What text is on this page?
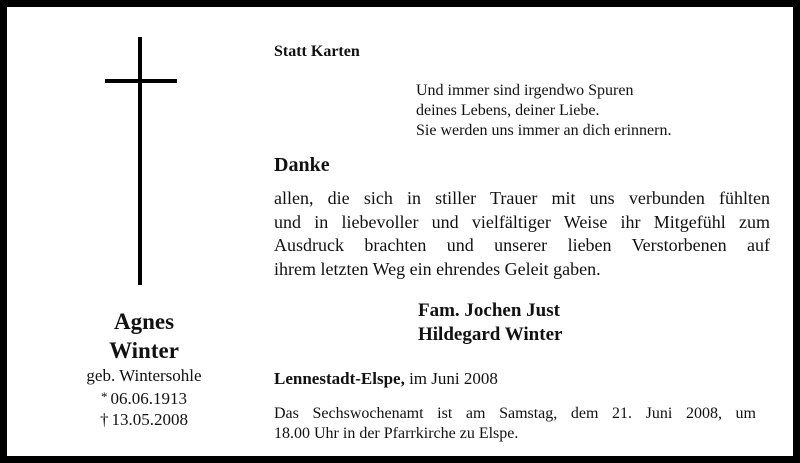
Agnes
Winter
geb. Wintersohle
* 06.06.1913
† 13.05.2008
Statt Karten
Und immer sind irgendwo Spuren
deines Lebens, deiner Liebe.
Sie werden uns immer an dich erinnern.
Danke
allen, die sich in stiller Trauer mit uns verbunden fühlten
und in liebevoller und vielfältiger Weise ihr Mitgefühl zum
Ausdruck brachten und unserer lieben Verstorbenen auf
ihrem letzten Weg ein ehrendes Geleit gaben.
Fam. Jochen Just
Hildegard Winter
Lennestadt-Elspe, im Juni 2008
Das Sechswochenamt ist am Samstag, dem 21. Juni 2008, um
18.00 Uhr in der Pfarrkirche zu Elspe.
